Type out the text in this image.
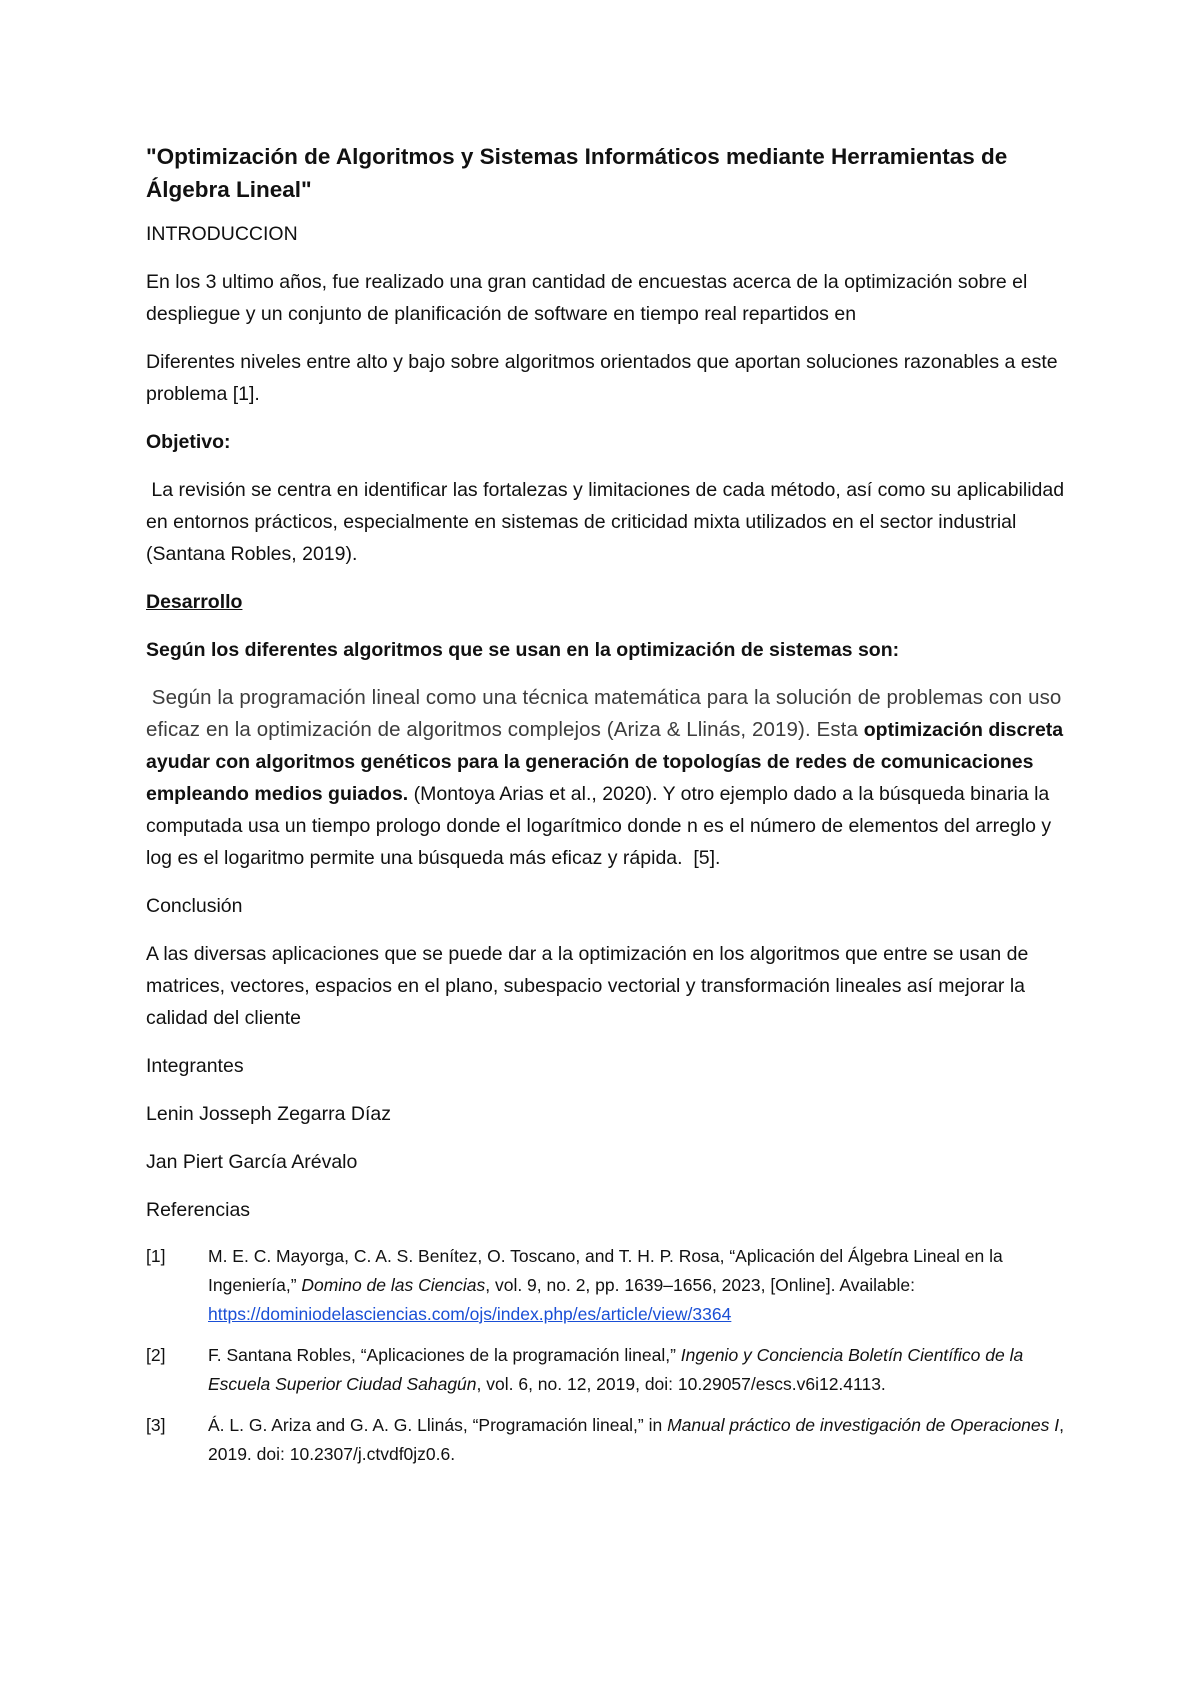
"Optimización de Algoritmos y Sistemas Informáticos mediante Herramientas de Álgebra Lineal"
INTRODUCCION
En los 3 ultimo años, fue realizado una gran cantidad de encuestas acerca de la optimización sobre el despliegue y un conjunto de planificación de software en tiempo real repartidos en
Diferentes niveles entre alto y bajo sobre algoritmos orientados que aportan soluciones razonables a este problema [1].
Objetivo:
La revisión se centra en identificar las fortalezas y limitaciones de cada método, así como su aplicabilidad en entornos prácticos, especialmente en sistemas de criticidad mixta utilizados en el sector industrial (Santana Robles, 2019).
Desarrollo
Según los diferentes algoritmos que se usan en la optimización de sistemas son:
Según la programación lineal como una técnica matemática para la solución de problemas con uso eficaz en la optimización de algoritmos complejos (Ariza & Llinás, 2019). Esta optimización discreta ayudar con algoritmos genéticos para la generación de topologías de redes de comunicaciones empleando medios guiados. (Montoya Arias et al., 2020). Y otro ejemplo dado a la búsqueda binaria la computada usa un tiempo prologo donde el logarítmico donde n es el número de elementos del arreglo y log es el logaritmo permite una búsqueda más eficaz y rápida.  [5].
Conclusión
A las diversas aplicaciones que se puede dar a la optimización en los algoritmos que entre se usan de matrices, vectores, espacios en el plano, subespacio vectorial y transformación lineales así mejorar la calidad del cliente
Integrantes
Lenin Josseph Zegarra Díaz
Jan Piert García Arévalo
Referencias
[1]	M. E. C. Mayorga, C. A. S. Benítez, O. Toscano, and T. H. P. Rosa, “Aplicación del Álgebra Lineal en la Ingeniería,” Domino de las Ciencias, vol. 9, no. 2, pp. 1639–1656, 2023, [Online]. Available: https://dominiodelasciencias.com/ojs/index.php/es/article/view/3364
[2]	F. Santana Robles, “Aplicaciones de la programación lineal,” Ingenio y Conciencia Boletín Científico de la Escuela Superior Ciudad Sahagún, vol. 6, no. 12, 2019, doi: 10.29057/escs.v6i12.4113.
[3]	Á. L. G. Ariza and G. A. G. Llinás, “Programación lineal,” in Manual práctico de investigación de Operaciones I, 2019. doi: 10.2307/j.ctvdf0jz0.6.
